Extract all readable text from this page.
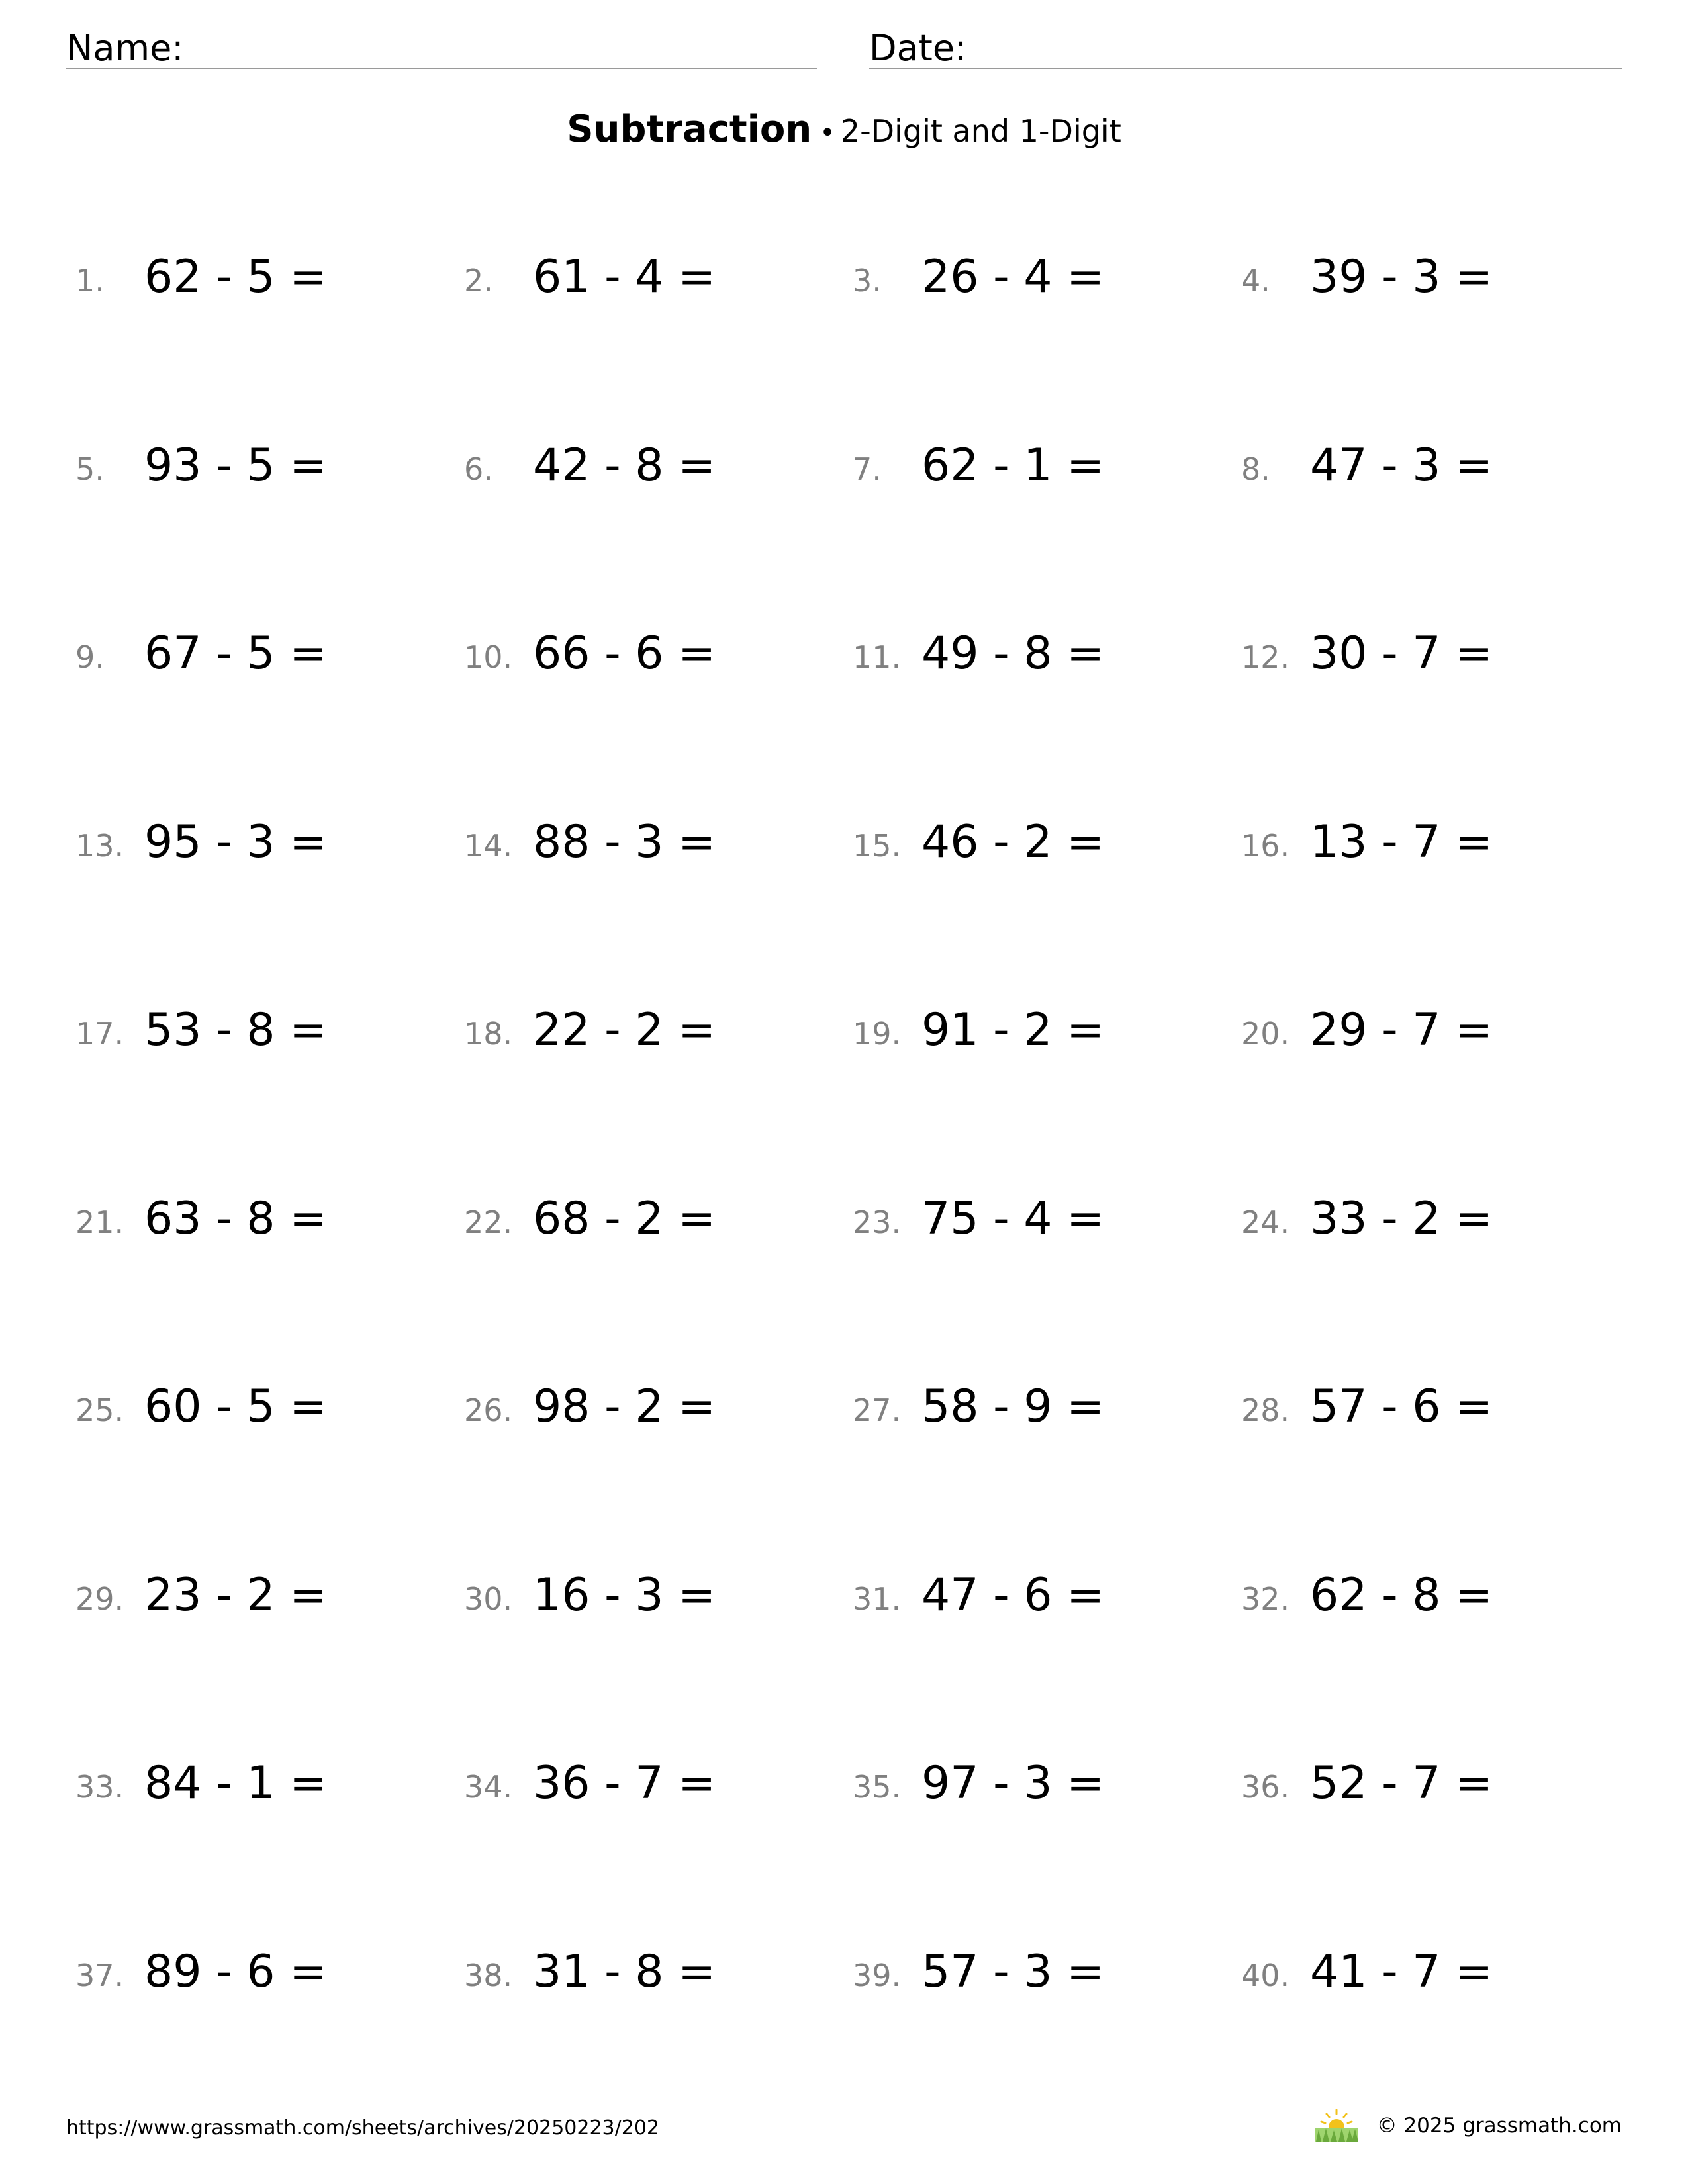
Name:	Date:
Subtraction • 2-Digit and 1-Digit
1. 62 - 5 =	2. 61 - 4 =	3. 26 - 4 =	4. 39 - 3 =
5. 93 - 5 =	6. 42 - 8 =	7. 62 - 1 =	8. 47 - 3 =
9. 67 - 5 =	10. 66 - 6 =	11. 49 - 8 =	12. 30 - 7 =
13. 95 - 3 =	14. 88 - 3 =	15. 46 - 2 =	16. 13 - 7 =
17. 53 - 8 =	18. 22 - 2 =	19. 91 - 2 =	20. 29 - 7 =
21. 63 - 8 =	22. 68 - 2 =	23. 75 - 4 =	24. 33 - 2 =
25. 60 - 5 =	26. 98 - 2 =	27. 58 - 9 =	28. 57 - 6 =
29. 23 - 2 =	30. 16 - 3 =	31. 47 - 6 =	32. 62 - 8 =
33. 84 - 1 =	34. 36 - 7 =	35. 97 - 3 =	36. 52 - 7 =
37. 89 - 6 =	38. 31 - 8 =	39. 57 - 3 =	40. 41 - 7 =
https://www.grassmath.com/sheets/archives/20250223/202	© 2025 grassmath.com
